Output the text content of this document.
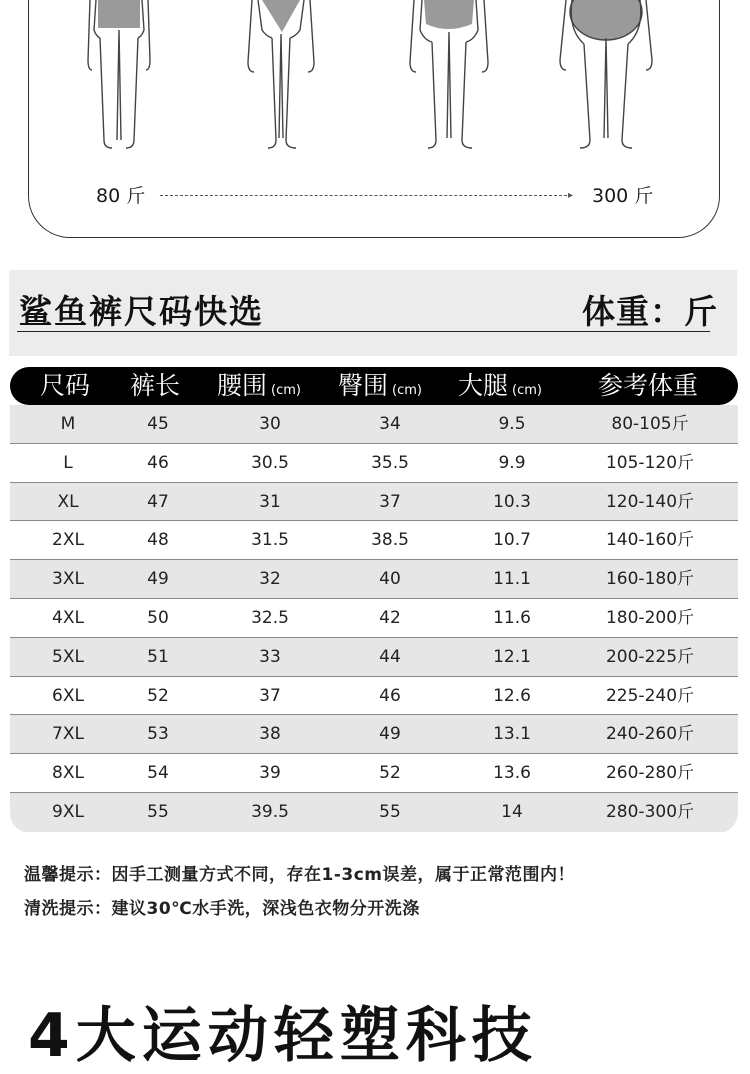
80 斤	300 斤
▸
鲨鱼裤尺码快选	体重：斤
尺码 裤长 腰围 (cm) 臀围 (cm) 大腿 (cm) 参考体重
M	45	30	34	9.5	80-105斤
L	46	30.5	35.5	9.9	105-120斤
XL	47	31	37	10.3	120-140斤
2XL	48	31.5	38.5	10.7	140-160斤
3XL	49	32	40	11.1	160-180斤
4XL	50	32.5	42	11.6	180-200斤
5XL	51	33	44	12.1	200-225斤
6XL	52	37	46	12.6	225-240斤
7XL	53	38	49	13.1	240-260斤
8XL	54	39	52	13.6	260-280斤
9XL	55	39.5	55	14	280-300斤
温馨提示：因手工测量方式不同，存在1-3cm误差，属于正常范围内！
清洗提示：建议30℃水手洗，深浅色衣物分开洗涤
4大运动轻塑科技
